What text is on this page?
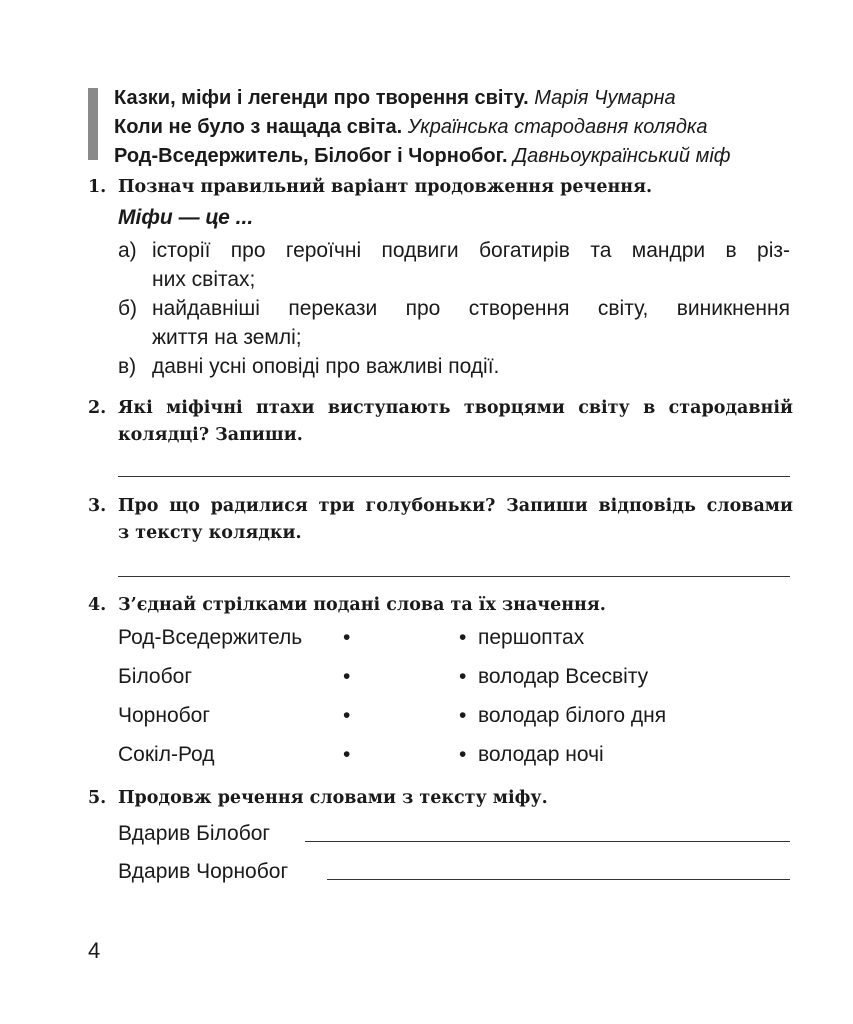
Казки, міфи і легенди про творення світу. Марія Чумарна
Коли не було з нащада світа. Українська стародавня колядка
Род-Вседержитель, Білобог і Чорнобог. Давньоукраїнський міф
1. Познач правильний варіант продовження речення.
Міфи — це ...
а) історії про героїчні подвиги богатирів та мандри в різ-
них світах;
б) найдавніші перекази про створення світу, виникнення
життя на землі;
в) давні усні оповіді про важливі події.
2. Які міфічні птахи виступають творцями світу в стародавній
колядці? Запиши.
3. Про що радилися три голубоньки? Запиши відповідь словами
з тексту колядки.
4. З’єднай стрілками подані слова та їх значення.
Род-Вседержитель •	• першоптах
Білобог	•	• володар Всесвіту
Чорнобог	•	• володар білого дня
Сокіл-Род	•	• володар ночі
5. Продовж речення словами з тексту міфу.
Вдарив Білобог
Вдарив Чорнобог
4
